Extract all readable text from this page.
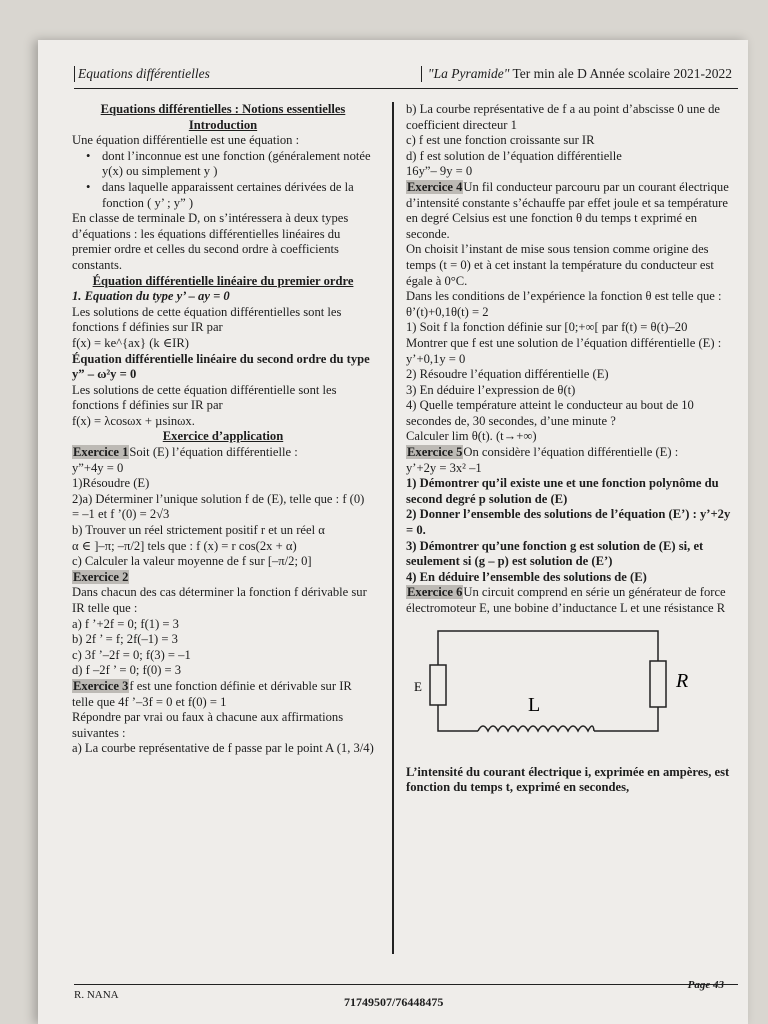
Equations différentielles	"La Pyramide" Ter min ale D Année scolaire 2021-2022

Equations différentielles : Notions essentielles

Introduction

Une équation différentielle est une équation :

• dont l’inconnue est une fonction (généralement notée y(x) ou simplement y )

• dans laquelle apparaissent certaines dérivées de la fonction ( y’ ; y” )

En classe de terminale D, on s’intéressera à deux types d’équations : les équations différentielles linéaires du premier ordre et celles du second ordre à coefficients constants.

Équation différentielle linéaire du premier ordre

1. Equation du type y’ – ay = 0

Les solutions de cette équation différentielles sont les fonctions f définies sur IR par

f(x) = ke^{ax} (k ∈IR)

Équation différentielle linéaire du second ordre du type y” – ω²y = 0

Les solutions de cette équation différentielle sont les fonctions f définies sur IR par

f(x) = λcosωx + µsinωx.

Exercice d’application

Exercice 1Soit (E) l’équation différentielle :

y”+4y = 0

1)Résoudre (E)

2)a) Déterminer l’unique solution f de (E), telle que : f (0) = –1 et f ’(0) = 2√3

b) Trouver un réel strictement positif r et un réel α

α ∈ ]–π; –π/2] tels que : f (x) = r cos(2x + α)

c) Calculer la valeur moyenne de f sur [–π/2; 0]

Exercice 2

Dans chacun des cas déterminer la fonction f dérivable sur IR telle que :

a) f ’+2f = 0; f(1) = 3

b) 2f ’ = f; 2f(–1) = 3

c) 3f ’–2f = 0; f(3) = –1

d) f –2f ’ = 0; f(0) = 3

Exercice 3f est une fonction définie et dérivable sur IR telle que 4f ’–3f = 0 et f(0) = 1

Répondre par vrai ou faux à chacune aux affirmations suivantes :

a) La courbe représentative de f passe par le point A (1, 3/4)

b) La courbe représentative de f a au point d’abscisse 0 une de coefficient directeur 1

c) f est une fonction croissante sur IR

d) f est solution de l’équation différentielle

16y”– 9y = 0

Exercice 4Un fil conducteur parcouru par un courant électrique d’intensité constante s’échauffe par effet joule et sa température en degré Celsius est une fonction θ du temps t exprimé en seconde.

On choisit l’instant de mise sous tension comme origine des temps (t = 0) et à cet instant la température du conducteur est égale à 0°C.

Dans les conditions de l’expérience la fonction θ est telle que : θ’(t)+0,1θ(t) = 2

1) Soit f la fonction définie sur [0;+∞[ par f(t) = θ(t)–20

Montrer que f est une solution de l’équation différentielle (E) : y’+0,1y = 0

2) Résoudre l’équation différentielle (E)

3) En déduire l’expression de θ(t)

4) Quelle température atteint le conducteur au bout de 10 secondes de, 30 secondes, d’une minute ?

Calculer lim θ(t). (t→+∞)

Exercice 5On considère l’équation différentielle (E) :

y’+2y = 3x² –1

1) Démontrer qu’il existe une et une fonction polynôme du second degré p solution de (E)

2) Donner l’ensemble des solutions de l’équation (E’) : y’+2y = 0.

3) Démontrer qu’une fonction g est solution de (E) si, et seulement si (g – p) est solution de (E’)

4) En déduire l’ensemble des solutions de (E)

Exercice 6Un circuit comprend en série un générateur de force électromoteur E, une bobine d’inductance L et une résistance R

E	R
L

L’intensité du courant électrique i, exprimée en ampères, est fonction du temps t, exprimé en secondes,

R. NANA	71749507/76448475
Page 43
